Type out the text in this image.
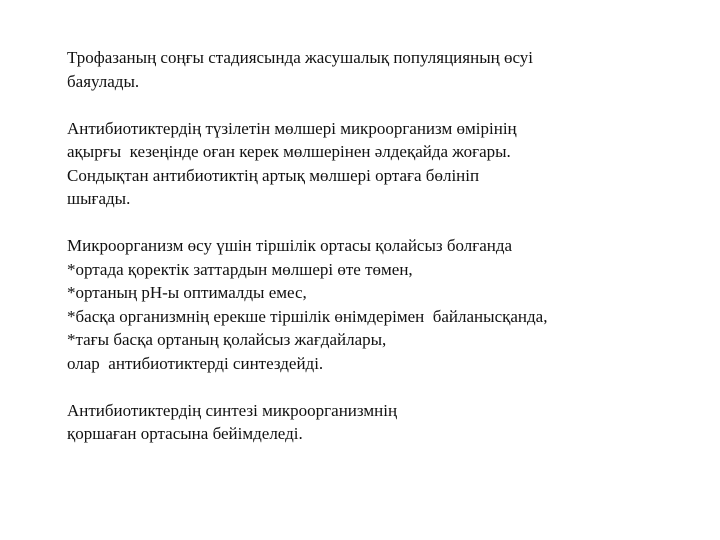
Трофазаның соңғы стадиясында жасушалық популяцияның өсуі
баяулады.

Антибиотиктердің түзілетін мөлшері микроорганизм өмірінің
ақырғы  кезеңінде оған керек мөлшерінен әлдеқайда жоғары.
Сондықтан антибиотиктің артық мөлшері ортаға бөлініп
шығады.

Микроорганизм өсу үшін тіршілік ортасы қолайсыз болғанда
*ортада қоректік заттардын мөлшері өте төмен,
*ортаның рН-ы оптималды емес,
*басқа организмнің ерекше тіршілік өнімдерімен  байланысқанда,
*тағы басқа ортаның қолайсыз жағдайлары,
олар  антибиотиктерді синтездейді.

Антибиотиктердің синтезі микроорганизмнің
қоршаған ортасына бейімделеді.
